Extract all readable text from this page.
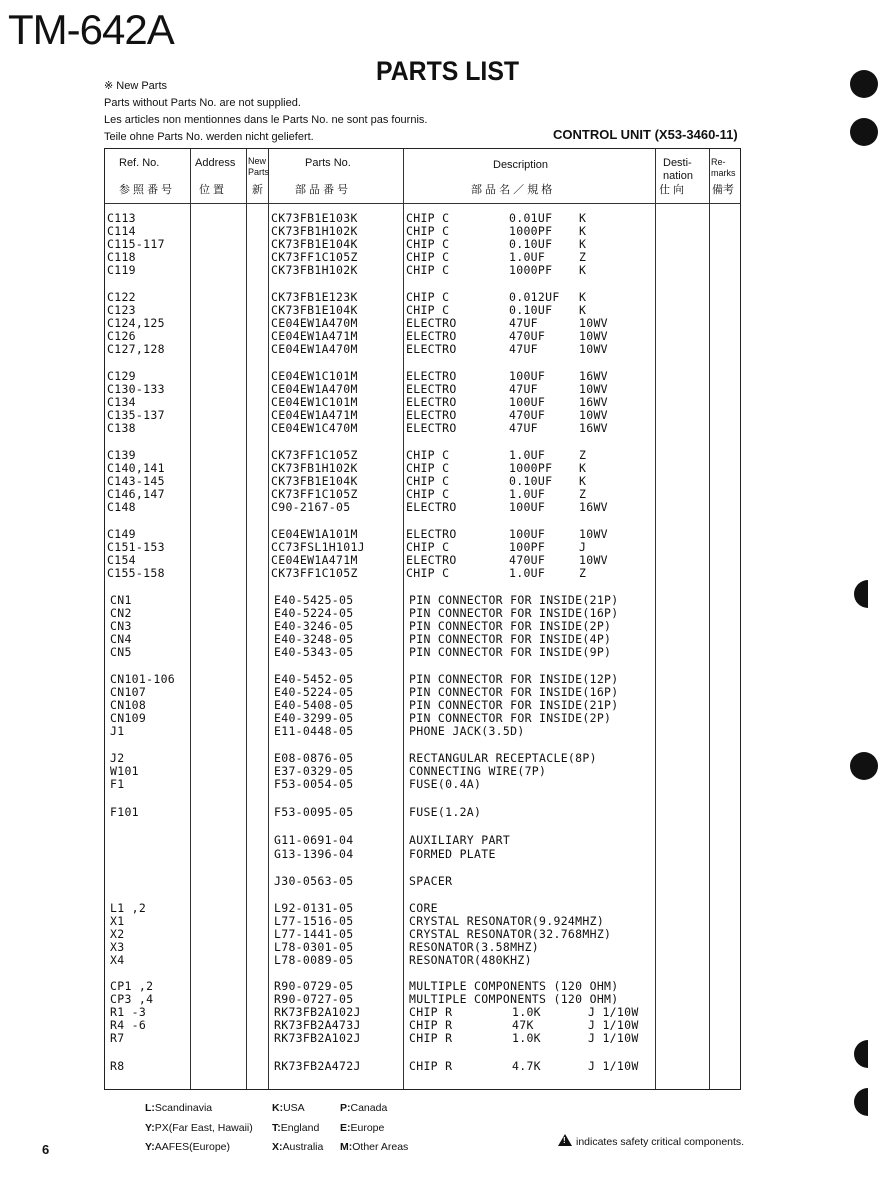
TM-642A
PARTS LIST
※ New Parts
Parts without Parts No. are not supplied.
Les articles non mentionnes dans le Parts No. ne sont pas fournis.
Teile ohne Parts No. werden nicht geliefert.	CONTROL UNIT (X53-3460-11)
Ref. No.
参 照 番 号
Address
位 置
New Parts
新
Parts No.
部 品 番 号
Description
部 品 名 ／ 規 格
Desti- nation
仕 向
Re- marks
備考
C113	CK73FB1E103K	CHIP C	0.01UF K
C114	CK73FB1H102K	CHIP C	1000PF K
C115-117	CK73FB1E104K	CHIP C	0.10UF K
C118	CK73FF1C105Z	CHIP C	1.0UF	Z
C119	CK73FB1H102K	CHIP C	1000PF K
C122	CK73FB1E123K	CHIP C	0.012UF K
C123	CK73FB1E104K	CHIP C	0.10UF K
C124,125	CE04EW1A470M	ELECTRO	47UF	10WV
C126	CE04EW1A471M	ELECTRO	470UF	10WV
C127,128	CE04EW1A470M	ELECTRO	47UF	10WV
C129	CE04EW1C101M	ELECTRO	100UF	16WV
C130-133	CE04EW1A470M	ELECTRO	47UF	10WV
C134	CE04EW1C101M	ELECTRO	100UF	16WV
C135-137	CE04EW1A471M	ELECTRO	470UF	10WV
C138	CE04EW1C470M	ELECTRO	47UF	16WV
C139	CK73FF1C105Z	CHIP C	1.0UF	Z
C140,141	CK73FB1H102K	CHIP C	1000PF K
C143-145	CK73FB1E104K	CHIP C	0.10UF K
C146,147	CK73FF1C105Z	CHIP C	1.0UF	Z
C148	C90-2167-05	ELECTRO	100UF	16WV
C149	CE04EW1A101M	ELECTRO	100UF	10WV
C151-153	CC73FSL1H101J	CHIP C	100PF	J
C154	CE04EW1A471M	ELECTRO	470UF	10WV
C155-158	CK73FF1C105Z	CHIP C	1.0UF	Z
CN1	E40-5425-05	PIN CONNECTOR FOR INSIDE(21P)
CN2	E40-5224-05	PIN CONNECTOR FOR INSIDE(16P)
CN3	E40-3246-05	PIN CONNECTOR FOR INSIDE(2P)
CN4	E40-3248-05	PIN CONNECTOR FOR INSIDE(4P)
CN5	E40-5343-05	PIN CONNECTOR FOR INSIDE(9P)
CN101-106	E40-5452-05	PIN CONNECTOR FOR INSIDE(12P)
CN107	E40-5224-05	PIN CONNECTOR FOR INSIDE(16P)
CN108	E40-5408-05	PIN CONNECTOR FOR INSIDE(21P)
CN109	E40-3299-05	PIN CONNECTOR FOR INSIDE(2P)
J1	E11-0448-05	PHONE JACK(3.5D)
J2	E08-0876-05	RECTANGULAR RECEPTACLE(8P)
W101	E37-0329-05	CONNECTING WIRE(7P)
F1	F53-0054-05	FUSE(0.4A)
F101	F53-0095-05	FUSE(1.2A)
G11-0691-04	AUXILIARY PART
G13-1396-04	FORMED PLATE
J30-0563-05	SPACER
L1 ,2	L92-0131-05	CORE
X1	L77-1516-05	CRYSTAL RESONATOR(9.924MHZ)
X2	L77-1441-05	CRYSTAL RESONATOR(32.768MHZ)
X3	L78-0301-05	RESONATOR(3.58MHZ)
X4	L78-0089-05	RESONATOR(480KHZ)
CP1 ,2	R90-0729-05	MULTIPLE COMPONENTS (120 OHM)
CP3 ,4	R90-0727-05	MULTIPLE COMPONENTS (120 OHM)
R1 -3	RK73FB2A102J	CHIP R	1.0K	J 1/10W
R4 -6	RK73FB2A473J	CHIP R	47K	J 1/10W
R7	RK73FB2A102J	CHIP R	1.0K	J 1/10W
R8	RK73FB2A472J	CHIP R	4.7K	J 1/10W
L:Scandinavia	K:USA	P:Canada
Y:PX(Far East, Hawaii) T:England E:Europe
Y:AAFES(Europe)	X:Australia M:Other Areas
6
!	indicates safety critical components.
